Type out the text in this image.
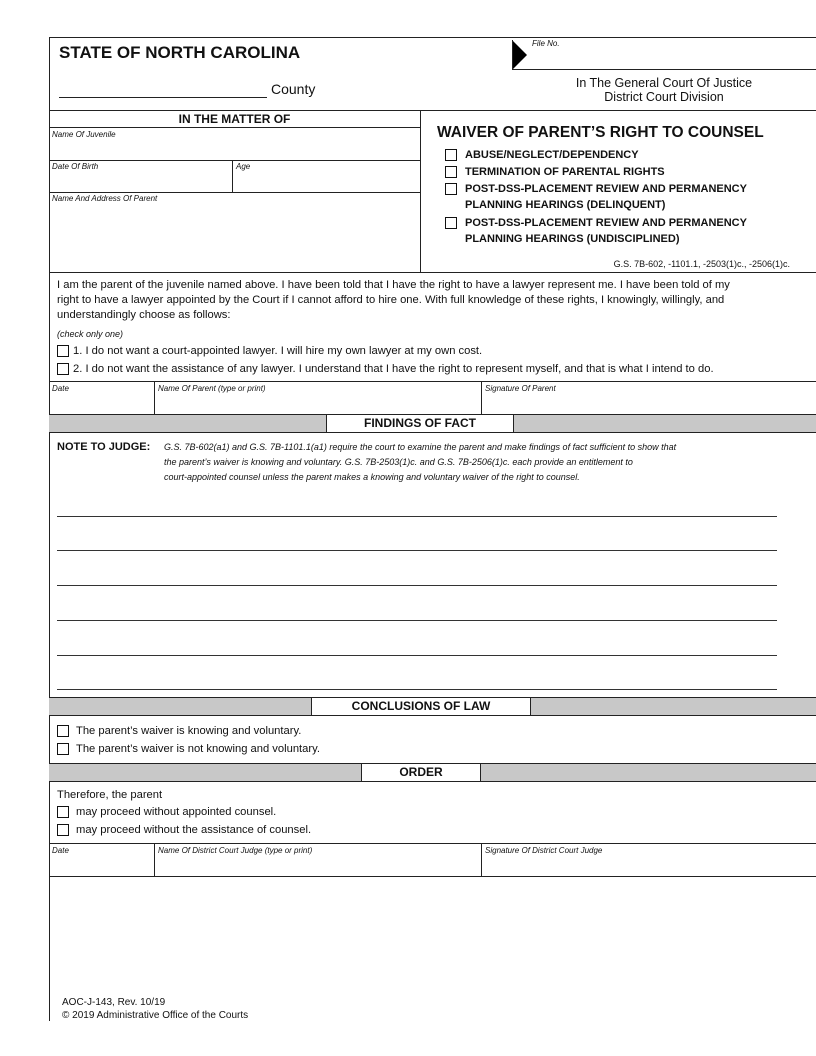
STATE OF NORTH CAROLINA
County
File No.
In The General Court Of Justice
District Court Division
IN THE MATTER OF
Name Of Juvenile
Date Of Birth	Age
Name And Address Of Parent
WAIVER OF PARENT’S RIGHT TO COUNSEL
ABUSE/NEGLECT/DEPENDENCY
TERMINATION OF PARENTAL RIGHTS
POST-DSS-PLACEMENT REVIEW AND PERMANENCY
PLANNING HEARINGS (DELINQUENT)
POST-DSS-PLACEMENT REVIEW AND PERMANENCY
PLANNING HEARINGS (UNDISCIPLINED)
G.S. 7B-602, -1101.1, -2503(1)c., -2506(1)c.
I am the parent of the juvenile named above. I have been told that I have the right to have a lawyer represent me. I have been told of my
right to have a lawyer appointed by the Court if I cannot afford to hire one. With full knowledge of these rights, I knowingly, willingly, and
understandingly choose as follows:
(check only one)
1. I do not want a court-appointed lawyer. I will hire my own lawyer at my own cost.
2. I do not want the assistance of any lawyer. I understand that I have the right to represent myself, and that is what I intend to do.
Date	Name Of Parent (type or print)	Signature Of Parent
FINDINGS OF FACT
NOTE TO JUDGE: G.S. 7B-602(a1) and G.S. 7B-1101.1(a1) require the court to examine the parent and make findings of fact sufficient to show that
the parent’s waiver is knowing and voluntary. G.S. 7B-2503(1)c. and G.S. 7B-2506(1)c. each provide an entitlement to
court-appointed counsel unless the parent makes a knowing and voluntary waiver of the right to counsel.
CONCLUSIONS OF LAW
The parent’s waiver is knowing and voluntary.
The parent’s waiver is not knowing and voluntary.
ORDER
Therefore, the parent
may proceed without appointed counsel.
may proceed without the assistance of counsel.
Date	Name Of District Court Judge (type or print)	Signature Of District Court Judge
AOC-J-143, Rev. 10/19
© 2019 Administrative Office of the Courts
